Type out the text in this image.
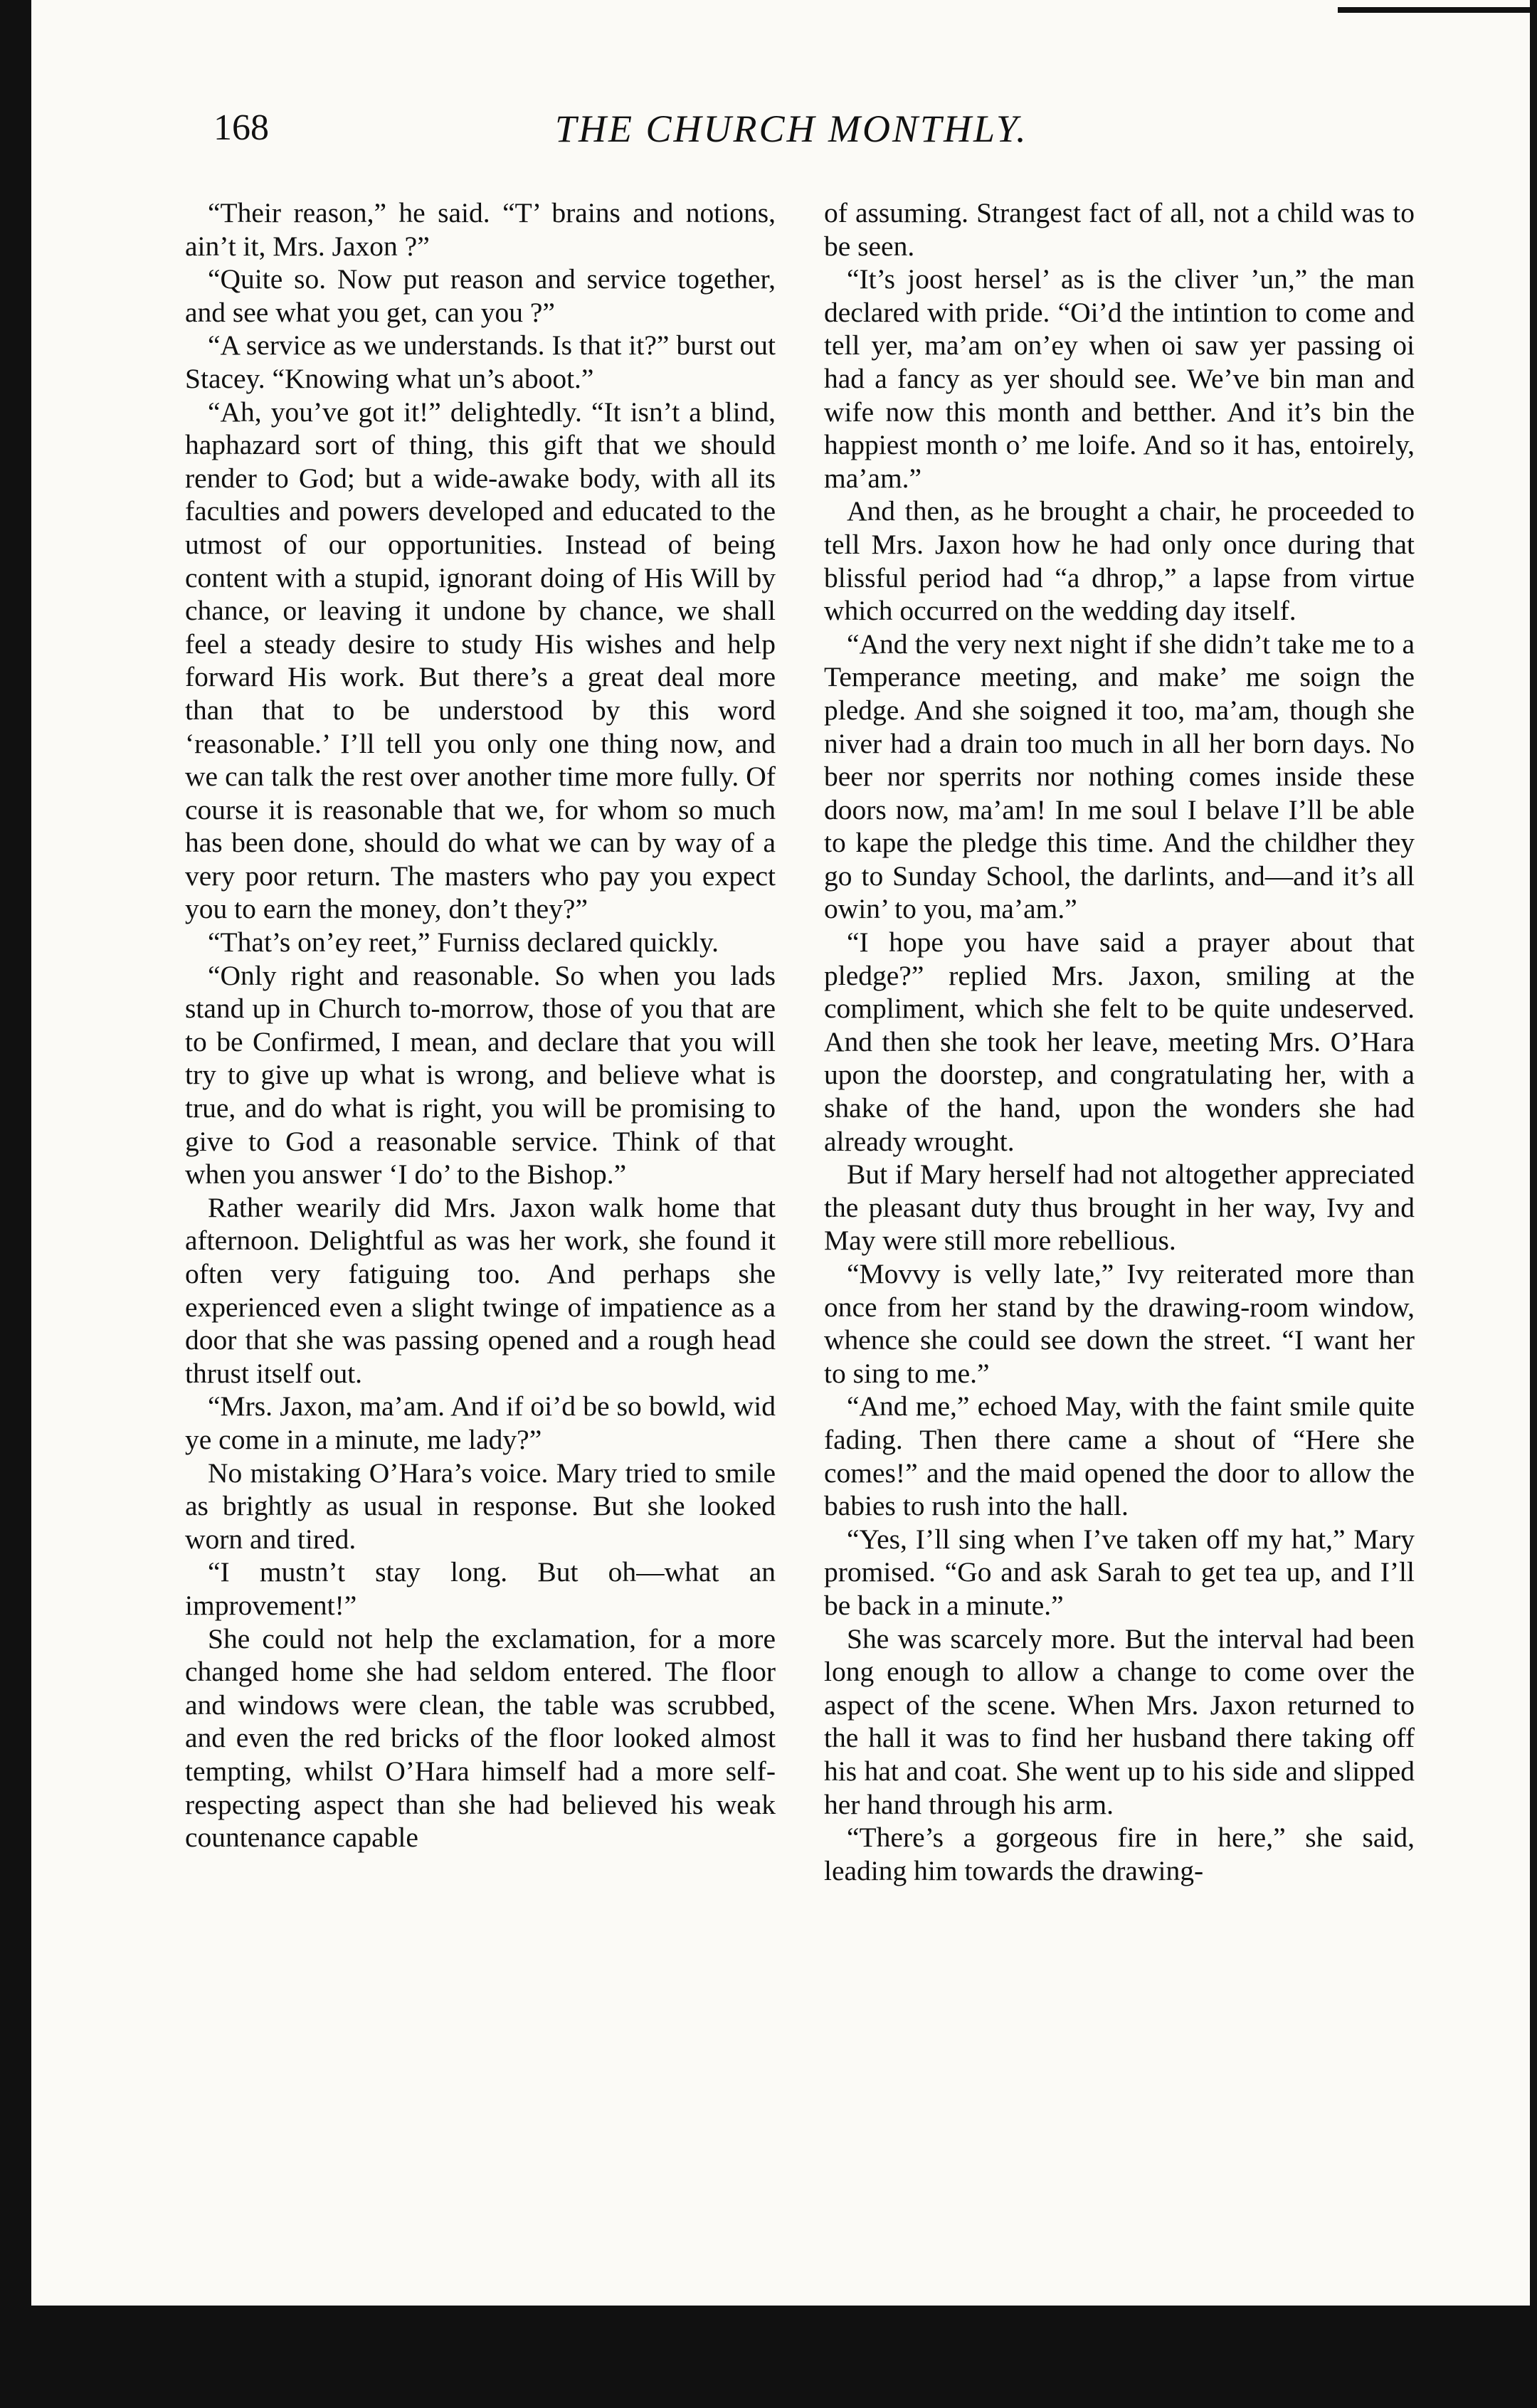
168	THE CHURCH MONTHLY.

“Their reason,” he said. “T’ brains and notions, ain’t it, Mrs. Jaxon ?”

“Quite so. Now put reason and service together, and see what you get, can you ?”

“A service as we understands. Is that it?” burst out Stacey. “Knowing what un’s aboot.”

“Ah, you’ve got it!” delightedly. “It isn’t a blind, haphazard sort of thing, this gift that we should render to God; but a wide-awake body, with all its faculties and powers developed and educated to the utmost of our opportunities. Instead of being content with a stupid, ignorant doing of His Will by chance, or leaving it undone by chance, we shall feel a steady desire to study His wishes and help forward His work. But there’s a great deal more than that to be understood by this word ‘reasonable.’ I’ll tell you only one thing now, and we can talk the rest over another time more fully. Of course it is reasonable that we, for whom so much has been done, should do what we can by way of a very poor return. The masters who pay you expect you to earn the money, don’t they?”

“That’s on’ey reet,” Furniss declared quickly.

“Only right and reasonable. So when you lads stand up in Church to-morrow, those of you that are to be Confirmed, I mean, and declare that you will try to give up what is wrong, and believe what is true, and do what is right, you will be promising to give to God a reasonable service. Think of that when you answer ‘I do’ to the Bishop.”

Rather wearily did Mrs. Jaxon walk home that afternoon. Delightful as was her work, she found it often very fatiguing too. And perhaps she experienced even a slight twinge of impatience as a door that she was passing opened and a rough head thrust itself out.

“Mrs. Jaxon, ma’am. And if oi’d be so bowld, wid ye come in a minute, me lady?”

No mistaking O’Hara’s voice. Mary tried to smile as brightly as usual in response. But she looked worn and tired.

“I mustn’t stay long. But oh—what an improvement!”

She could not help the exclamation, for a more changed home she had seldom entered. The floor and windows were clean, the table was scrubbed, and even the red bricks of the floor looked almost tempting, whilst O’Hara himself had a more self-respecting aspect than she had believed his weak countenance capable

of assuming. Strangest fact of all, not a child was to be seen.

“It’s joost hersel’ as is the cliver ’un,” the man declared with pride. “Oi’d the intintion to come and tell yer, ma’am on’ey when oi saw yer passing oi had a fancy as yer should see. We’ve bin man and wife now this month and betther. And it’s bin the happiest month o’ me loife. And so it has, entoirely, ma’am.”

And then, as he brought a chair, he proceeded to tell Mrs. Jaxon how he had only once during that blissful period had “a dhrop,” a lapse from virtue which occurred on the wedding day itself.

“And the very next night if she didn’t take me to a Temperance meeting, and make’ me soign the pledge. And she soigned it too, ma’am, though she niver had a drain too much in all her born days. No beer nor sperrits nor nothing comes inside these doors now, ma’am! In me soul I belave I’ll be able to kape the pledge this time. And the childher they go to Sunday School, the darlints, and—and it’s all owin’ to you, ma’am.”

“I hope you have said a prayer about that pledge?” replied Mrs. Jaxon, smiling at the compliment, which she felt to be quite undeserved. And then she took her leave, meeting Mrs. O’Hara upon the doorstep, and congratulating her, with a shake of the hand, upon the wonders she had already wrought.

But if Mary herself had not altogether appreciated the pleasant duty thus brought in her way, Ivy and May were still more rebellious.

“Movvy is velly late,” Ivy reiterated more than once from her stand by the drawing-room window, whence she could see down the street. “I want her to sing to me.”

“And me,” echoed May, with the faint smile quite fading. Then there came a shout of “Here she comes!” and the maid opened the door to allow the babies to rush into the hall.

“Yes, I’ll sing when I’ve taken off my hat,” Mary promised. “Go and ask Sarah to get tea up, and I’ll be back in a minute.”

She was scarcely more. But the interval had been long enough to allow a change to come over the aspect of the scene. When Mrs. Jaxon returned to the hall it was to find her husband there taking off his hat and coat. She went up to his side and slipped her hand through his arm.

“There’s a gorgeous fire in here,” she said, leading him towards the drawing-
